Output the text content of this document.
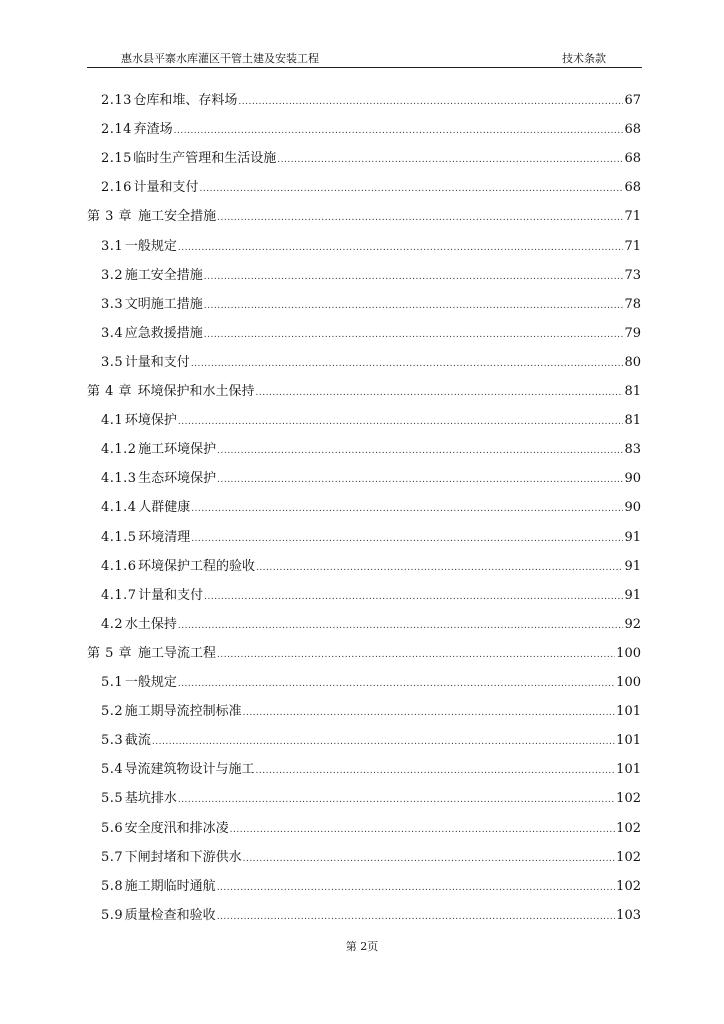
惠水县平寨水库灌区干管土建及安装工程	技术条款
2.13 仓库和堆、存料场 .....	67
2.14 弃渣场 .....	68
2.15 临时生产管理和生活设施 .....	68
2.16 计量和支付 .....	68
第 3 章 施工安全措施 .....	71
3.1 一般规定 .....	71
3.2 施工安全措施 .....	73
3.3 文明施工措施 .....	78
3.4 应急救援措施 .....	79
3.5 计量和支付 .....	80
第 4 章 环境保护和水土保持 .....	81
4.1 环境保护 .....	81
4.1.2 施工环境保护 .....	83
4.1.3 生态环境保护 .....	90
4.1.4 人群健康 .....	90
4.1.5 环境清理 .....	91
4.1.6 环境保护工程的验收 .....	91
4.1.7 计量和支付 .....	91
4.2 水土保持 .....	92
第 5 章 施工导流工程 .....	100
5.1 一般规定 .....	100
5.2 施工期导流控制标准 .....	101
5.3 截流 .....	101
5.4 导流建筑物设计与施工 .....	101
5.5 基坑排水 .....	102
5.6 安全度汛和排冰凌 .....	102
5.7 下闸封堵和下游供水 .....	102
5.8 施工期临时通航 .....	102
5.9 质量检查和验收 .....	103
第 2页
